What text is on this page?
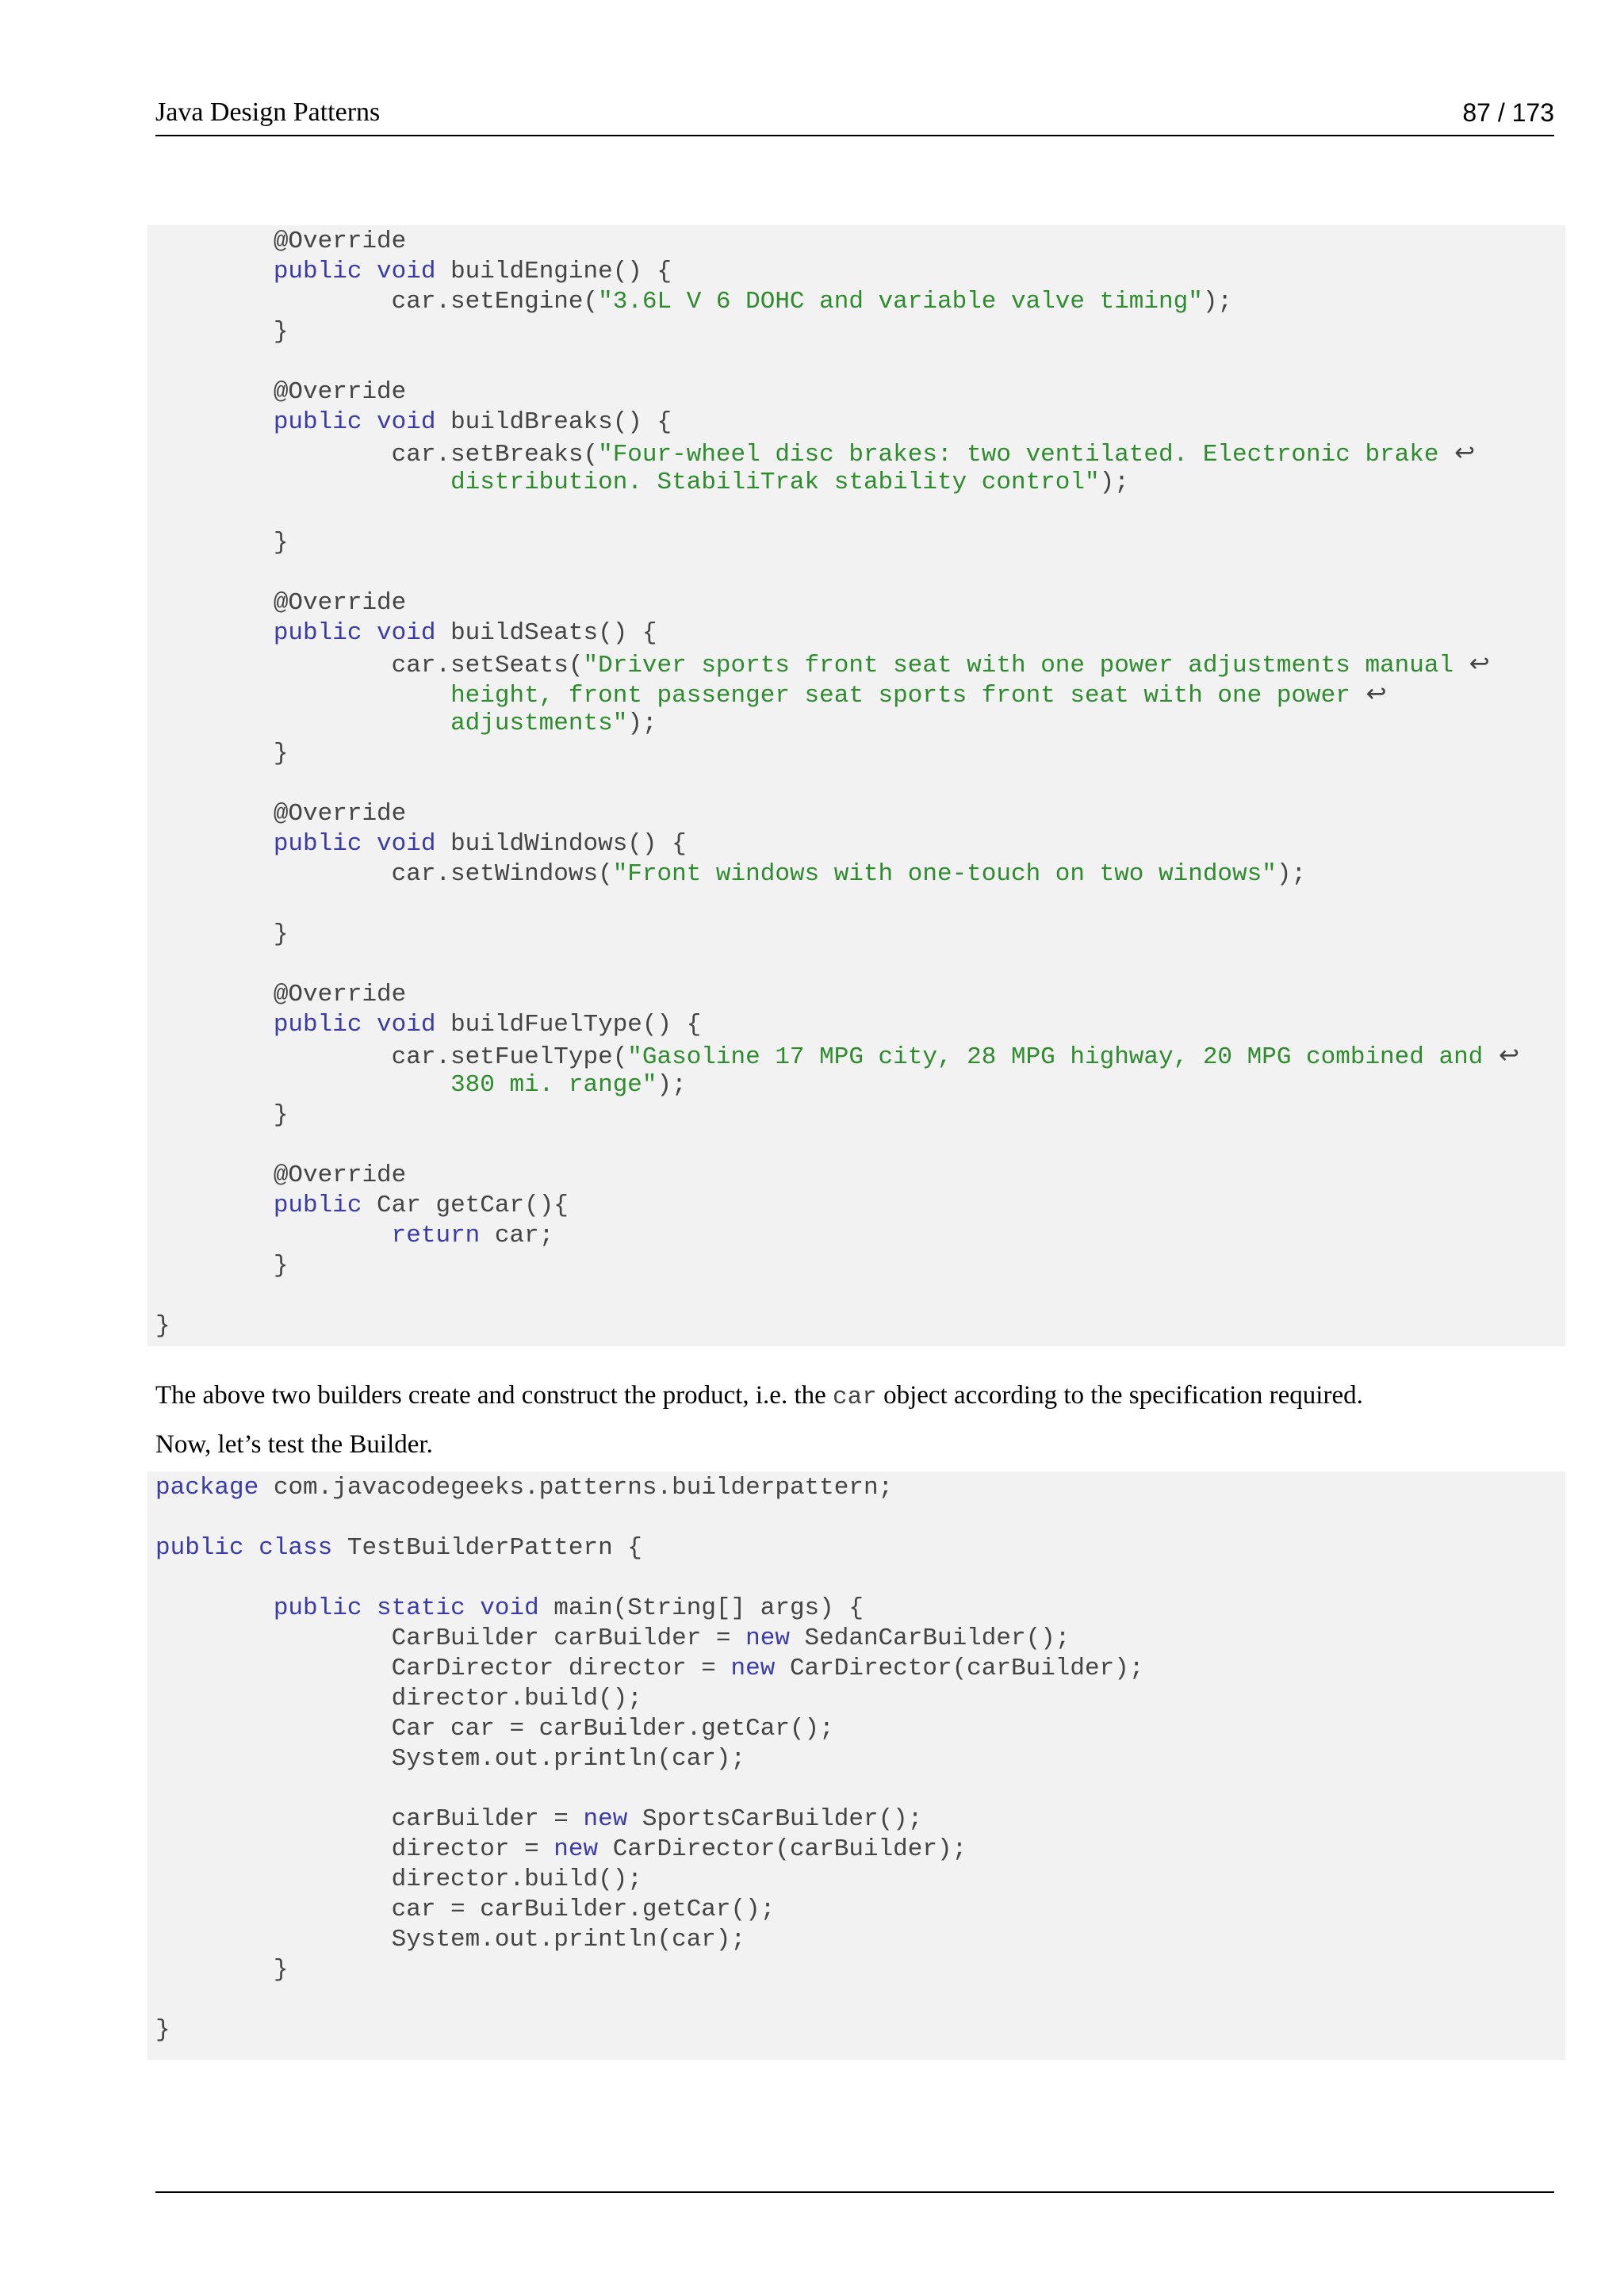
Java Design Patterns	87 / 173
@Override
public void buildEngine() {
car.setEngine("3.6L V 6 DOHC and variable valve timing");
}
@Override
public void buildBreaks() {
car.setBreaks("Four-wheel disc brakes: two ventilated. Electronic brake  ↩
distribution. StabiliTrak stability control");
}
@Override
public void buildSeats() {
car.setSeats("Driver sports front seat with one power adjustments manual  ↩
height, front passenger seat sports front seat with one power  ↩
adjustments");
}
@Override
public void buildWindows() {
car.setWindows("Front windows with one-touch on two windows");
}
@Override
public void buildFuelType() {
car.setFuelType("Gasoline 17 MPG city, 28 MPG highway, 20 MPG combined and  ↩
380 mi. range");
}
@Override
public Car getCar(){
return car;
}
}

The above two builders create and construct the product, i.e. the car object according to the specification required.

Now, let’s test the Builder.

package com.javacodegeeks.patterns.builderpattern;
public class TestBuilderPattern {
public static void main(String[] args) {
CarBuilder carBuilder = new SedanCarBuilder();
CarDirector director = new CarDirector(carBuilder);
director.build();
Car car = carBuilder.getCar();
System.out.println(car);
carBuilder = new SportsCarBuilder();
director = new CarDirector(carBuilder);
director.build();
car = carBuilder.getCar();
System.out.println(car);
}
}
